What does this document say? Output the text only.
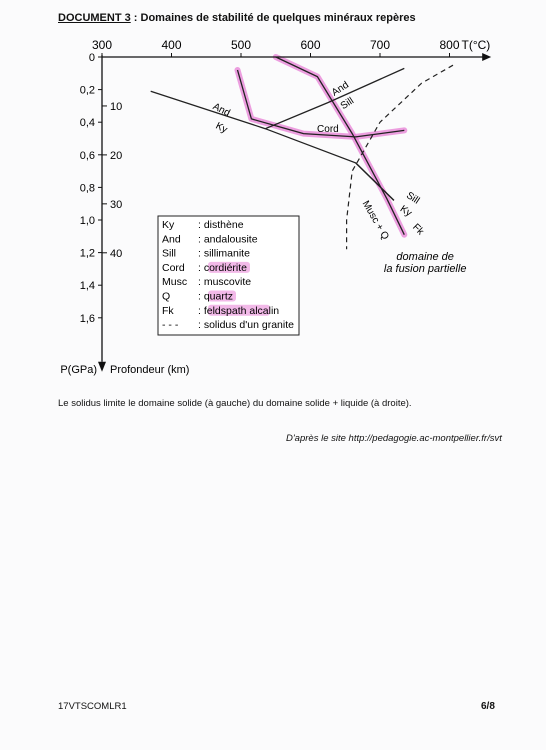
DOCUMENT 3 : Domaines de stabilité de quelques minéraux repères
300	400	500	600	700	800 T(°C)
0
0,2
0,4
0,6
0,8
1,0
1,2
1,4
1,6
10
20
30
40
P(GPa) Profondeur (km)
And
Ky
And
Sill
Cord
Sill
Ky
Musc + Q Fk
domaine de
la fusion partielle
Ky : disthène
And : andalousite
Sill : sillimanite
Cord : cordiérite
Musc : muscovite
Q	: quartz
Fk : feldspath alcalin
- - - : solidus d'un granite
Le solidus limite le domaine solide (à gauche) du domaine solide + liquide (à droite).
D'après le site http://pedagogie.ac-montpellier.fr/svt
17VTSCOMLR1	6/8
